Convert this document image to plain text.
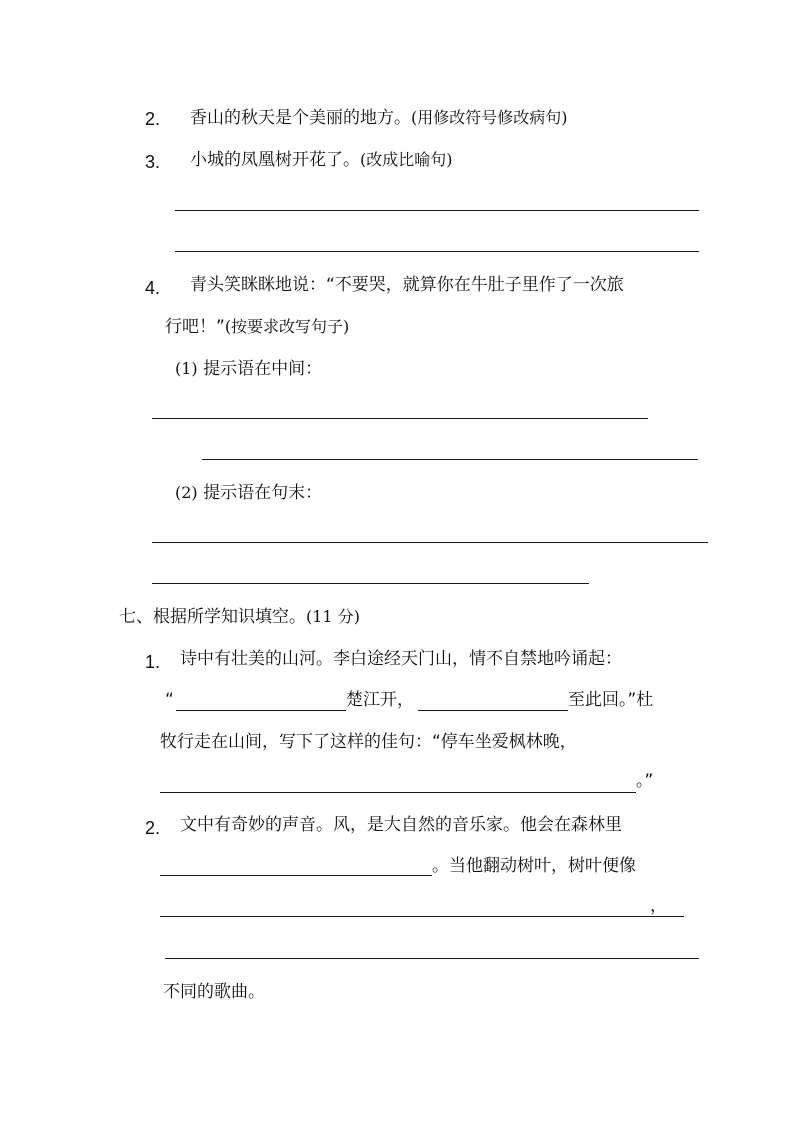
2. 香山的秋天是个美丽的地方。(用修改符号修改病句)
3. 小城的凤凰树开花了。(改成比喻句)
4. 青头笑眯眯地说：“不要哭，就算你在牛肚子里作了一次旅
行吧！”(按要求改写句子)
(1) 提示语在中间：
(2) 提示语在句末：
七、根据所学知识填空。(11 分)
1. 诗中有壮美的山河。李白途经天门山，情不自禁地吟诵起：
“	楚江开，	至此回。”杜
牧行走在山间，写下了这样的佳句：“停车坐爱枫林晚，
。”
2. 文中有奇妙的声音。风，是大自然的音乐家。他会在森林里
。当他翻动树叶，树叶便像
，
不同的歌曲。
